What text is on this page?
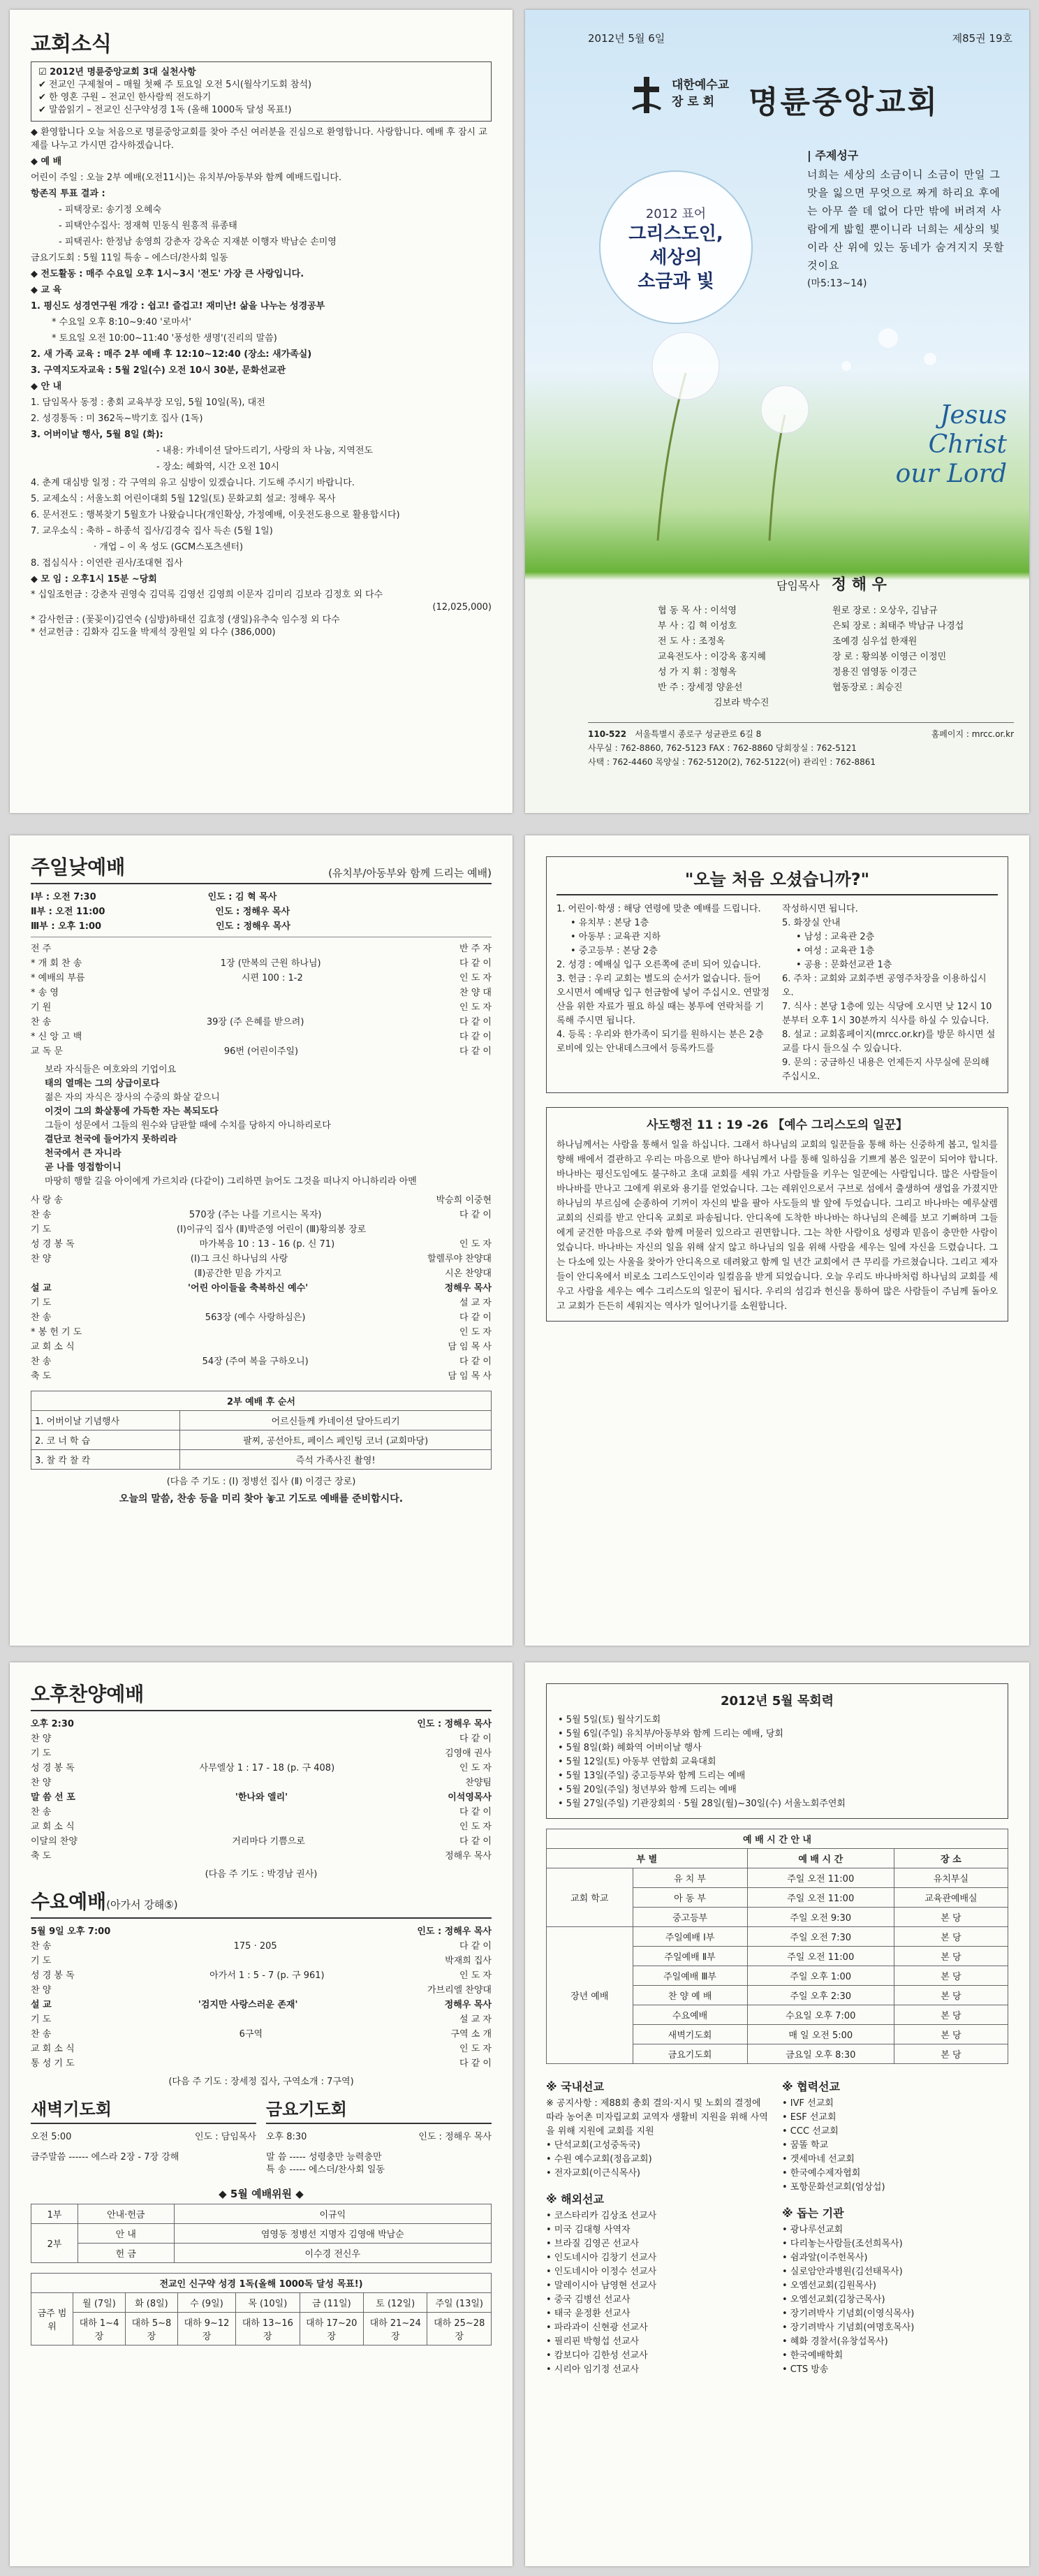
교회소식
☑ 2012년 명륜중앙교회 3대 실천사항
✔ 전교인 구제철여 – 매월 첫째 주 토요일 오전 5시(월삭기도회 참석)
✔ 한 영혼 구원 – 전교인 한사람씩 전도하기
✔ 말씀읽기 – 전교인 신구약성경 1독 (올해 1000독 달성 목표!)
◆ 환영합니다 오늘 처음으로 명륜중앙교회를 찾아 주신 여러분을 진심으로 환영합니다. 사랑합니다. 예배 후 잠시 교제를 나누고 가시면 감사하겠습니다.
◆ 예 배
어린이 주일 : 오늘 2부 예배(오전11시)는 유치부/아동부와 함께 예배드립니다.
항존직 투표 결과 :
- 피택장로: 송기정 오혜숙
- 피택안수집사: 정재혁 민동식 원흥적 류종태
- 피택권사: 한정남 송영희 강춘자 강옥순 지재분 이행자 박남순 손미영
금요기도회 : 5월 11일 특송 – 에스더/찬사회 일동
◆ 전도활동 : 매주 수요일 오후 1시~3시 '전도' 가장 큰 사랑입니다.
◆ 교 육
1. 평신도 성경연구원 개강 : 쉽고! 즐겁고! 재미난! 삶을 나누는 성경공부
* 수요일 오후 8:10~9:40 '로마서'
* 토요일 오전 10:00~11:40 '풍성한 생명'(진리의 말씀)
2. 새 가족 교육 : 매주 2부 예배 후 12:10~12:40 (장소: 새가족실)
3. 구역지도자교육 : 5월 2일(수) 오전 10시 30분, 문화선교관
◆ 안 내
1. 담임목사 동정 : 총회 교육부장 모임, 5월 10일(목), 대전
2. 성경통독 : 미 362독~박기호 집사 (1독)
3. 어버이날 행사, 5월 8일 (화):
- 내용: 카네이션 달아드리기, 사랑의 차 나눔, 지역전도
- 장소: 혜화역, 시간 오전 10시
4. 춘계 대심방 일정 : 각 구역의 유고 심방이 있겠습니다. 기도해 주시기 바랍니다.
5. 교제소식 : 서울노회 어린이대회 5월 12일(토) 문화교회 설교: 정해우 목사
6. 문서전도 : 행복찾기 5월호가 나왔습니다(개인확상, 가정예배, 이웃전도용으로 활용합시다)
7. 교우소식 : 축하 – 하종석 집사/김경숙 집사 득손 (5월 1일)
· 개업 – 이 옥 성도 (GCM스포츠센터)
8. 접심식사 : 이연란 권사/조대현 집사
◆ 모 임 : 오후1시 15분 ~당회
* 십일조헌금 : 강춘자 권영숙 김덕록 김영선 김영희 이문자 김미리 김보라 김정호 외 다수
(12,025,000)
* 감사헌금 : (꽃꽂이)김연숙 (심방)하태선 김효정 (생일)유추숙 임수정 외 다수
* 선교헌금 : 김화자 김도율 박제석 장원일 외 다수 (386,000)
2012년 5월 6일	제85권 19호
대한예수교
장 로 회	명륜중앙교회
| 주제성구
너희는 세상의 소금이니 소금이 만일 그 맛을 잃으면 무엇으로 짜게 하리요 후에는 아무 쓸 데 없어 다만 밖에 버려져 사람에게 밟힐 뿐이니라 너희는 세상의 빛이라 산 위에 있는 동네가 숨겨지지 못할 것이요
(마5:13~14)
2012 표어
그리스도인,
세상의
소금과 빛
Jesus Christ
our Lord
담임목사 정 해 우
협 동 목 사 : 이석영	원로 장로 : 오상우, 김남규
부 사 : 김 혁 이성호	은퇴 장로 : 최태주 박남규 나경섭
전 도 사 : 조정옥	조예경 심우섭 한재원
교육전도사 : 이강옥 홍지혜	장 로 : 황의봉 이영근 이정민
성 가 지 휘 : 정형옥	정용진 염영동 이경근
반 주 : 장세정 양윤선	협동장로 : 최승진
김보라 박수진
110-522 서울특별시 종로구 성균관로 6길 8	홈페이지 : mrcc.or.kr
사무실 : 762-8860, 762-5123 FAX : 762-8860 당회장실 : 762-5121
사택 : 762-4460 목양실 : 762-5120(2), 762-5122(어) 관리인 : 762-8861
주일낮예배	(유치부/아동부와 함께 드리는 예배)
Ⅰ부 : 오전 7:30	인도 : 김 혁 목사
Ⅱ부 : 오전 11:00	인도 : 정해우 목사
Ⅲ부 : 오후 1:00	인도 : 정해우 목사
전 주	반 주 자
* 개 회 찬 송	1장 (만복의 근원 하나님)	다 같 이
* 예배의 부름	시편 100 : 1-2	인 도 자
* 송 영	찬 양 대
기 원	인 도 자
찬 송	39장 (주 은혜를 받으려)	다 같 이
* 신 앙 고 백	다 같 이
교 독 문	96번 (어린이주일)	다 같 이
보라 자식들은 여호와의 기업이요
태의 열매는 그의 상급이로다
젊은 자의 자식은 장사의 수중의 화살 같으니
이것이 그의 화살통에 가득한 자는 복되도다
그들이 성문에서 그들의 원수와 담판할 때에 수치를 당하지 아니하리로다
결단코 천국에 들어가지 못하리라
천국에서 큰 자니라
곧 나를 영접함이니
마땅히 행할 길을 아이에게 가르치라 (다같이) 그리하면 늙어도 그것을 떠나지 아니하리라 아멘
사 랑 송	박승희 이중현
찬 송	570장 (주는 나를 기르시는 목자)	다 같 이
기 도	(Ⅰ)이규익 집사 (Ⅱ)박준영 어린이 (Ⅲ)황의봉 장로
성 경 봉 독	마가복음 10 : 13 - 16 (p. 신 71)	인 도 자
찬 양	(Ⅰ)그 크신 하나님의 사랑	할렐루야 찬양대
(Ⅱ)공간한 믿음 가지고	시온 찬양대
설 교	'어린 아이들을 축복하신 예수'	정해우 목사
기 도	설 교 자
찬 송	563장 (예수 사랑하심은)	다 같 이
* 봉 헌 기 도	인 도 자
교 회 소 식	담 임 목 사
찬 송	54장 (주여 복을 구하오니)	다 같 이
축 도	담 임 목 사
2부 예배 후 순서	
1. 어버이날 기념행사	어르신들께 카네이션 달아드리기
2. 코 너 학 습	팔찌, 공선아트, 페이스 페인팅 코너 (교회마당)
3. 찰 칵 찰 칵	즉석 가족사진 촬영!
(다음 주 기도 : (Ⅰ) 정병선 집사 (Ⅱ) 이경근 장로)
오늘의 말씀, 찬송 등을 미리 찾아 놓고 기도로 예배를 준비합시다.
"오늘 처음 오셨습니까?"
1. 어린이·학생 : 해당 연령에 맞춘 예배를 드립니다.
• 유치부 : 본당 1층
• 아동부 : 교육관 지하
• 중고등부 : 본당 2층
2. 성경 : 예배실 입구 오른쪽에 준비 되어 있습니다.
3. 헌금 : 우리 교회는 별도의 순서가 없습니다. 들어 오시면서 예배당 입구 헌금함에 넣어 주십시오. 연말정산을 위한 자료가 필요 하실 때는 봉투에 연락처를 기록해 주시면 됩니다.
4. 등록 : 우리와 한가족이 되기를 원하시는 분은 2층 로비에 있는 안내데스크에서 등록카드를
작성하시면 됩니다.
5. 화장실 안내
• 남성 : 교육관 2층
• 여성 : 교육관 1층
• 공용 : 문화선교관 1층
6. 주차 : 교회와 교회주변 공영주차장을 이용하십시오.
7. 식사 : 본당 1층에 있는 식당에 오시면 낮 12시 10분부터 오후 1시 30분까지 식사를 하실 수 있습니다.
8. 설교 : 교회홈페이지(mrcc.or.kr)를 방문 하시면 설교를 다시 들으실 수 있습니다.
9. 문의 : 궁금하신 내용은 언제든지 사무실에 문의해 주십시오.
사도행전 11 : 19 -26 【예수 그리스도의 일꾼】
하나님께서는 사람을 통해서 일을 하십니다. 그래서 하나님의 교회의 일꾼들을 통해 하는 신중하게 봅고, 일치를 향해 배에서 결관하고 우리는 마음으로 받아 하나님께서 나를 통해 일하심을 기쁘게 봄은 일꾼이 되어야 합니다. 바나바는 평신도임에도 불구하고 초대 교회를 세워 가고 사람들을 키우는 일꾼에는 사람입니다. 많은 사람들이 바나바를 만나고 그에게 위로와 용기를 얻었습니다. 그는 레위인으로서 구브로 섬에서 출생하여 생업을 가졌지만 하나님의 부르심에 순종하여 기꺼이 자신의 밭을 팔아 사도들의 발 앞에 두었습니다. 그리고 바나바는 예루살렘 교회의 신뢰를 받고 안디옥 교회로 파송됩니다. 안디옥에 도착한 바나바는 하나님의 은혜를 보고 기뻐하며 그들에게 굳건한 마음으로 주와 함께 머물러 있으라고 권면합니다. 그는 착한 사람이요 성령과 믿음이 충만한 사람이었습니다. 바나바는 자신의 일을 위해 살지 않고 하나님의 일을 위해 사람을 세우는 일에 자신을 드렸습니다. 그는 다소에 있는 사울을 찾아가 안디옥으로 데려왔고 함께 일 년간 교회에서 큰 무리를 가르쳤습니다. 그리고 제자들이 안디옥에서 비로소 그리스도인이라 일컬음을 받게 되었습니다. 오늘 우리도 바나바처럼 하나님의 교회를 세우고 사람을 세우는 예수 그리스도의 일꾼이 됩시다. 우리의 섬김과 헌신을 통하여 많은 사람들이 주님께 돌아오고 교회가 든든히 세워지는 역사가 일어나기를 소원합니다.
오후찬양예배
오후 2:30	인도 : 정해우 목사
찬 양	다 같 이
기 도	김영애 권사
성 경 봉 독	사무엘상 1 : 17 - 18 (p. 구 408)	인 도 자
찬 양	찬양팀
말 씀 선 포	'한나와 엘리'	이석영목사
찬 송	다 같 이
교 회 소 식	인 도 자
이달의 찬양	거리마다 기쁨으로	다 같 이
축 도	정해우 목사
(다음 주 기도 : 박경남 권사)
수요예배(아가서 강해⑤)
5월 9일 오후 7:00	인도 : 정해우 목사
찬 송	175 · 205	다 같 이
기 도	박재희 집사
성 경 봉 독	아가서 1 : 5 - 7 (p. 구 961)	인 도 자
찬 양	가브리엘 찬양대
설 교	'검지만 사랑스러운 존재'	정해우 목사
기 도	설 교 자
찬 송	6구역	구역 소 개
교 회 소 식	인 도 자
통 성 기 도	다 같 이
(다음 주 기도 : 장세정 집사, 구역소개 : 7구역)
새벽기도회
오전 5:00	인도 : 담임목사
금주말씀 ------ 에스라 2장 - 7장 강해
금요기도회
오후 8:30	인도 : 정해우 목사
말 씀 ----- 성령충만 능력충만
특 송 ----- 에스더/찬사회 일동
◆ 5월 예배위원 ◆
1부	안내·헌금	이규익
2부	안 내	염영동 정병선 지명자 김영애 박남순
	헌 금	이수경 전신우
전교인 신구약 성경 1독(올해 1000독 달성 목표!)							
금주 범위	월 (7일)	화 (8일)	수 (9일)	목 (10일)	금 (11일)	토 (12일)	주일 (13일)
	대하 1~4장	대하 5~8장	대하 9~12장	대하 13~16장	대하 17~20장	대하 21~24장	대하 25~28장
2012년 5월 목회력
• 5월 5일(토) 월삭기도회
• 5월 6일(주일) 유치부/아동부와 함께 드리는 예배, 당회
• 5월 8일(화) 혜화역 어버이날 행사
• 5월 12일(토) 아동부 연합회 교육대회
• 5월 13일(주일) 중고등부와 함께 드리는 예배
• 5월 20일(주일) 청년부와 함께 드리는 예배
• 5월 27일(주일) 기관장회의 · 5월 28일(월)~30일(수) 서울노회주연회
예 배 시 간 안 내			
부 별		예 배 시 간	장 소
교회 학교	유 치 부	주일 오전 11:00	유치부실
	아 동 부	주일 오전 11:00	교육관예배실
	중고등부	주일 오전 9:30	본 당
장년 예배	주일예배 Ⅰ부	주일 오전 7:30	본 당
	주일예배 Ⅱ부	주일 오전 11:00	본 당
	주일예배 Ⅲ부	주일 오후 1:00	본 당
	찬 양 예 배	주일 오후 2:30	본 당
	수요예배	수요일 오후 7:00	본 당
	새벽기도회	매 일 오전 5:00	본 당
	금요기도회	금요일 오후 8:30	본 당
※ 국내선교
※ 공지사항 : 제88회 총회 결의·지시 및 노회의 결정에 따라 농어촌 미자립교회 교역자 생활비 지원을 위해 사역을 위해 지원에 교회를 지원
• 단석교회(고성중독국)
• 수원 예수교회(정읍교회)
• 전자교회(이근식목사)
※ 해외선교
• 코스타리카 김상조 선교사
• 미국 김대형 사역자
• 브라질 김영곤 선교사
• 인도네시아 김창기 선교사
• 인도네시아 이정수 선교사
• 말레이시아 남영현 선교사
• 중국 김병선 선교사
• 태국 윤정환 선교사
• 파라과이 신현광 선교사
• 필리핀 박형섭 선교사
• 캄보디아 김한성 선교사
• 시리아 임기정 선교사
※ 협력선교
• IVF 선교회
• ESF 선교회
• CCC 선교회
• 꿈똘 학교
• 겟세마네 선교회
• 한국예수제자협회
• 포항문화선교회(엄상섭)
※ 돕는 기관
• 광나루선교회
• 다리놓는사람들(조선희목사)
• 쉼과알(이주헌목사)
• 실로암안과병원(김선태목사)
• 오엠선교회(김원목사)
• 오엠선교회(김창근목사)
• 장기려박사 기념회(이영식목사)
• 장기려박사 기념회(여명호목사)
• 혜화 경찰서(유창섭목사)
• 한국예배학회
• CTS 방송
